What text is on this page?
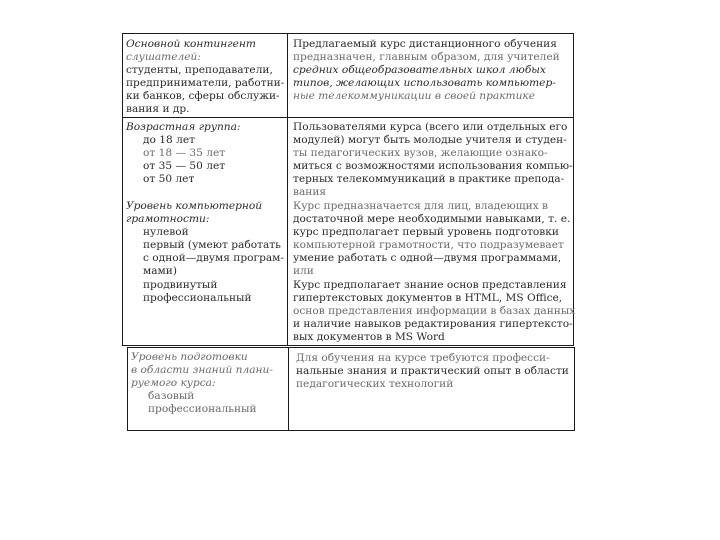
Основной контингент
слушателей:
студенты, преподаватели,
предприниматели, работни-
ки банков, сферы обслужи-
вания и др.
Предлагаемый курс дистанционного обучения
предназначен, главным образом, для учителей
средних общеобразовательных школ любых
типов, желающих использовать компьютер-
ные телекоммуникации в своей практике
Возрастная группа:
до 18 лет
от 18 — 35 лет
от 35 — 50 лет
от 50 лет
Пользователями курса (всего или отдельных его
модулей) могут быть молодые учителя и студен-
ты педагогических вузов, желающие ознако-
миться с возможностями использования компью-
терных телекоммуникаций в практике препода-
вания
Уровень компьютерной
грамотности:
нулевой
первый (умеют работать
с одной—двумя програм-
мами)
продвинутый
профессиональный
Курс предназначается для лиц, владеющих в
достаточной мере необходимыми навыками, т. е.
курс предполагает первый уровень подготовки
компьютерной грамотности, что подразумевает
умение работать с одной—двумя программами,
или
Курс предполагает знание основ представления
гипертекстовых документов в HTML, MS Office,
основ представления информации в базах данных
и наличие навыков редактирования гипертексто-
вых документов в MS Word
Уровень подготовки
в области знаний плани-
руемого курса:
базовый
профессиональный
Для обучения на курсе требуются професси-
нальные знания и практический опыт в области
педагогических технологий
